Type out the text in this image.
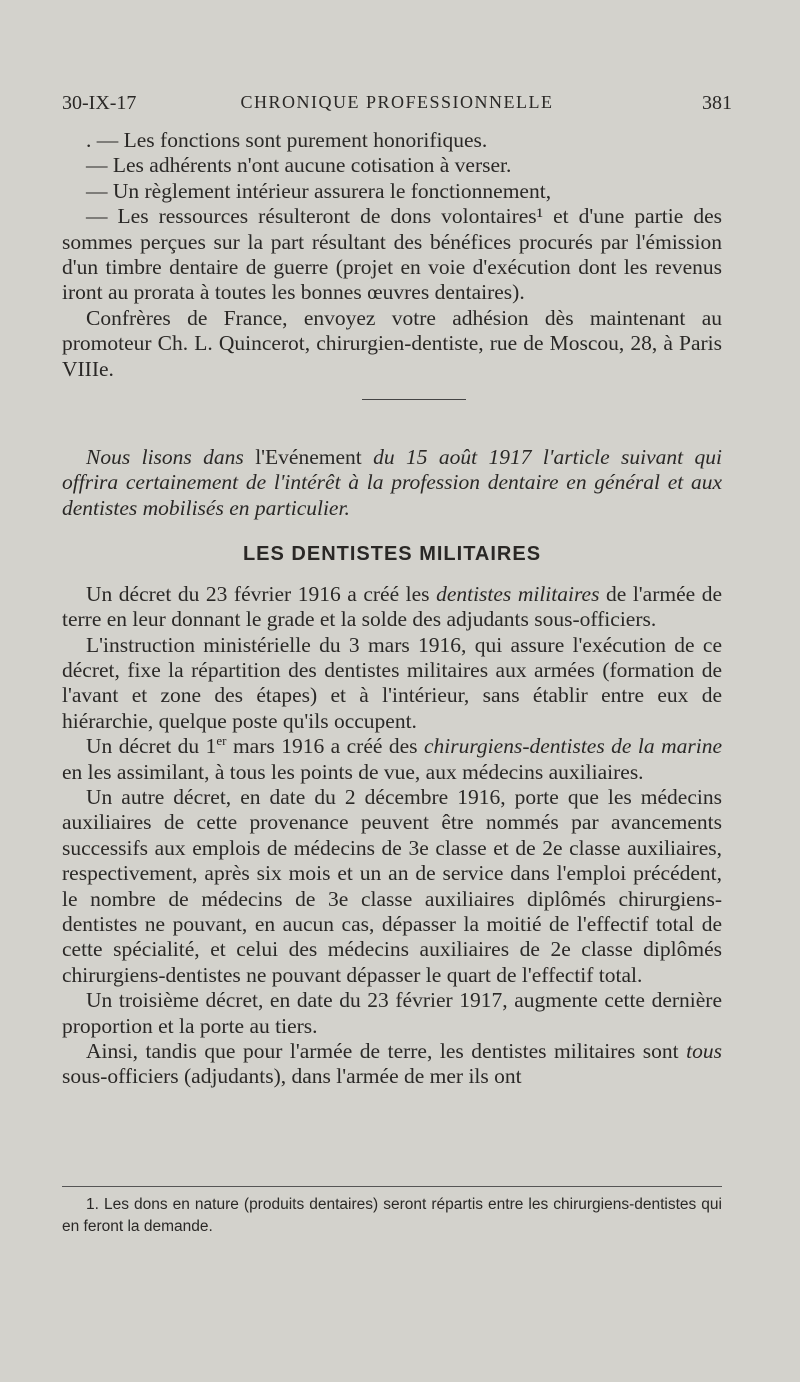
30-IX-17	CHRONIQUE PROFESSIONNELLE	381

. — Les fonctions sont purement honorifiques.

— Les adhérents n'ont aucune cotisation à verser.

— Un règlement intérieur assurera le fonctionnement,

— Les ressources résulteront de dons volontaires¹ et d'une partie des sommes perçues sur la part résultant des bénéfices procurés par l'émission d'un timbre dentaire de guerre (projet en voie d'exécution dont les revenus iront au prorata à toutes les bonnes œuvres dentaires).

Confrères de France, envoyez votre adhésion dès maintenant au promoteur Ch. L. Quincerot, chirurgien-dentiste, rue de Moscou, 28, à Paris VIIIe.

Nous lisons dans l'Evénement du 15 août 1917 l'article suivant qui offrira certainement de l'intérêt à la profession dentaire en général et aux dentistes mobilisés en particulier.

LES DENTISTES MILITAIRES

Un décret du 23 février 1916 a créé les dentistes militaires de l'armée de terre en leur donnant le grade et la solde des adjudants sous-officiers.

L'instruction ministérielle du 3 mars 1916, qui assure l'exécution de ce décret, fixe la répartition des dentistes militaires aux armées (formation de l'avant et zone des étapes) et à l'intérieur, sans établir entre eux de hiérarchie, quelque poste qu'ils occupent.

Un décret du 1er mars 1916 a créé des chirurgiens-dentistes de la marine en les assimilant, à tous les points de vue, aux médecins auxiliaires.

Un autre décret, en date du 2 décembre 1916, porte que les médecins auxiliaires de cette provenance peuvent être nommés par avancements successifs aux emplois de médecins de 3e classe et de 2e classe auxiliaires, respectivement, après six mois et un an de service dans l'emploi précédent, le nombre de médecins de 3e classe auxiliaires diplômés chirurgiens-dentistes ne pouvant, en aucun cas, dépasser la moitié de l'effectif total de cette spécialité, et celui des médecins auxiliaires de 2e classe diplômés chirurgiens-dentistes ne pouvant dépasser le quart de l'effectif total.

Un troisième décret, en date du 23 février 1917, augmente cette dernière proportion et la porte au tiers.

Ainsi, tandis que pour l'armée de terre, les dentistes militaires sont tous sous-officiers (adjudants), dans l'armée de mer ils ont

1. Les dons en nature (produits dentaires) seront répartis entre les chirurgiens-dentistes qui en feront la demande.
